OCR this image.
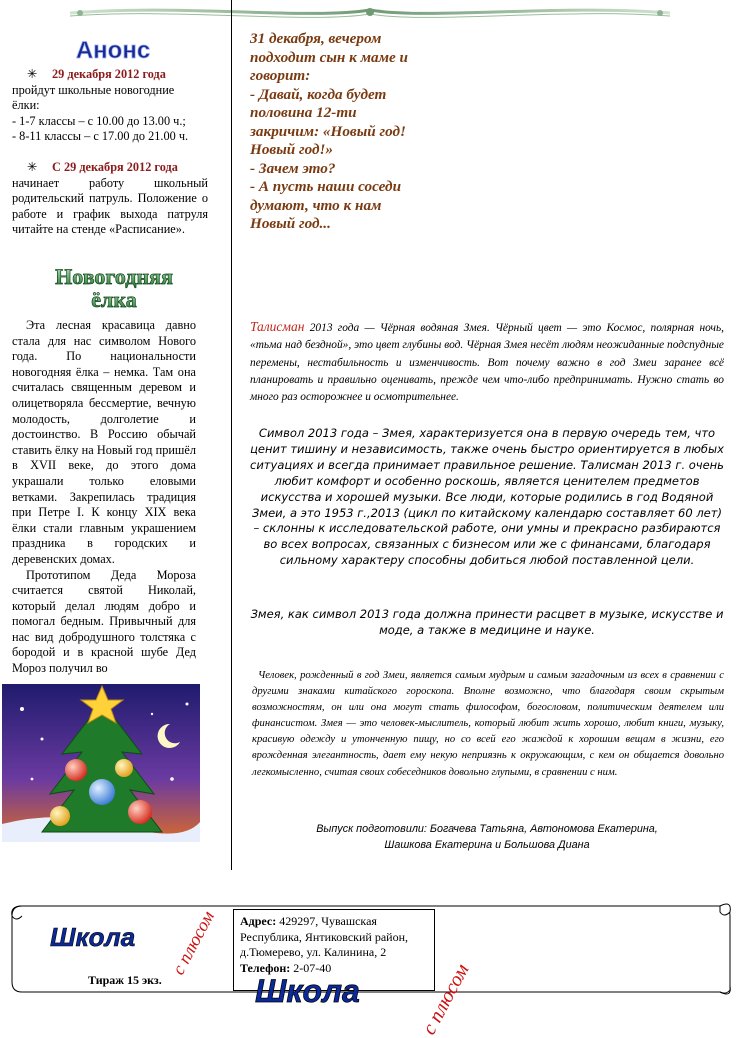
Анонс
✳ 29 декабря 2012 года
пройдут школьные новогодние
ёлки:
- 1-7 классы – с 10.00 до 13.00 ч.;
- 8-11 классы – с 17.00 до 21.00 ч.
✳ С 29 декабря 2012 года
начинает работу школьный родительский патруль. Положение о работе и график выхода патруля читайте на стенде «Расписание».
31 декабря, вечером
подходит сын к маме и
говорит:
- Давай, когда будет
половина 12-ти
закричим: «Новый год!
Новый год!»
- Зачем это?
- А пусть наши соседи
думают, что к нам
Новый год...
Новогодняя
ёлка

Эта лесная красавица давно стала для нас символом Нового года. По национальности новогодняя ёлка – немка. Там она считалась священным деревом и олицетворяла бессмертие, вечную молодость, долголетие и достоинство. В Россию обычай ставить ёлку на Новый год пришёл в XVII веке, до этого дома украшали только еловыми ветками. Закрепилась традиция при Петре I. К концу XIX века ёлки стали главным украшением праздника в городских и деревенских домах.

Прототипом Деда Мороза считается святой Николай, который делал людям добро и помогал бедным. Привычный для нас вид добродушного толстяка с бородой и в красной шубе Дед Мороз получил во

Талисман 2013 года — Чёрная водяная Змея. Чёрный цвет — это Космос, полярная ночь, «тьма над бездной», это цвет глубины вод. Чёрная Змея несёт людям неожиданные подспудные перемены, нестабильность и изменчивость. Вот почему важно в год Змеи заранее всё планировать и правильно оценивать, прежде чем что-либо предпринимать. Нужно стать во много раз осторожнее и осмотрительнее.
Символ 2013 года – Змея, характеризуется она в первую очередь тем, что ценит тишину и независимость, также очень быстро ориентируется в любых ситуациях и всегда принимает правильное решение. Талисман 2013 г. очень любит комфорт и особенно роскошь, является ценителем предметов искусства и хорошей музыки. Все люди, которые родились в год Водяной Змеи, а это 1953 г.,2013 (цикл по китайскому календарю составляет 60 лет) – склонны к исследовательской работе, они умны и прекрасно разбираются во всех вопросах, связанных с бизнесом или же с финансами, благодаря сильному характеру способны добиться любой поставленной цели.
Змея, как символ 2013 года должна принести расцвет в музыке, искусстве и моде, а также в медицине и науке.
Человек, рожденный в год Змеи, является самым мудрым и самым загадочным из всех в сравнении с другими знаками китайского гороскопа. Вполне возможно, что благодаря своим скрытым возможностям, он или она могут стать философом, богословом, политическим деятелем или финансистом. Змея — это человек-мыслитель, который любит жить хорошо, любит книги, музыку, красивую одежду и утонченную пищу, но со всей его жаждой к хорошим вещам в жизни, его врожденная элегантность, дает ему некую неприязнь к окружающим, с кем он общается довольно легкомысленно, считая своих собеседников довольно глупыми, в сравнении с ним.
Выпуск подготовили: Богачева Татьяна, Автономова Екатерина,
Шашкова Екатерина и Большова Диана
Школа с плюсом
Тираж 15 экз.
Адрес: 429297, Чувашская Республика, Янтиковский район, д.Тюмерево, ул. Калинина, 2
Телефон: 2-07-40
Школа	с плюсом
